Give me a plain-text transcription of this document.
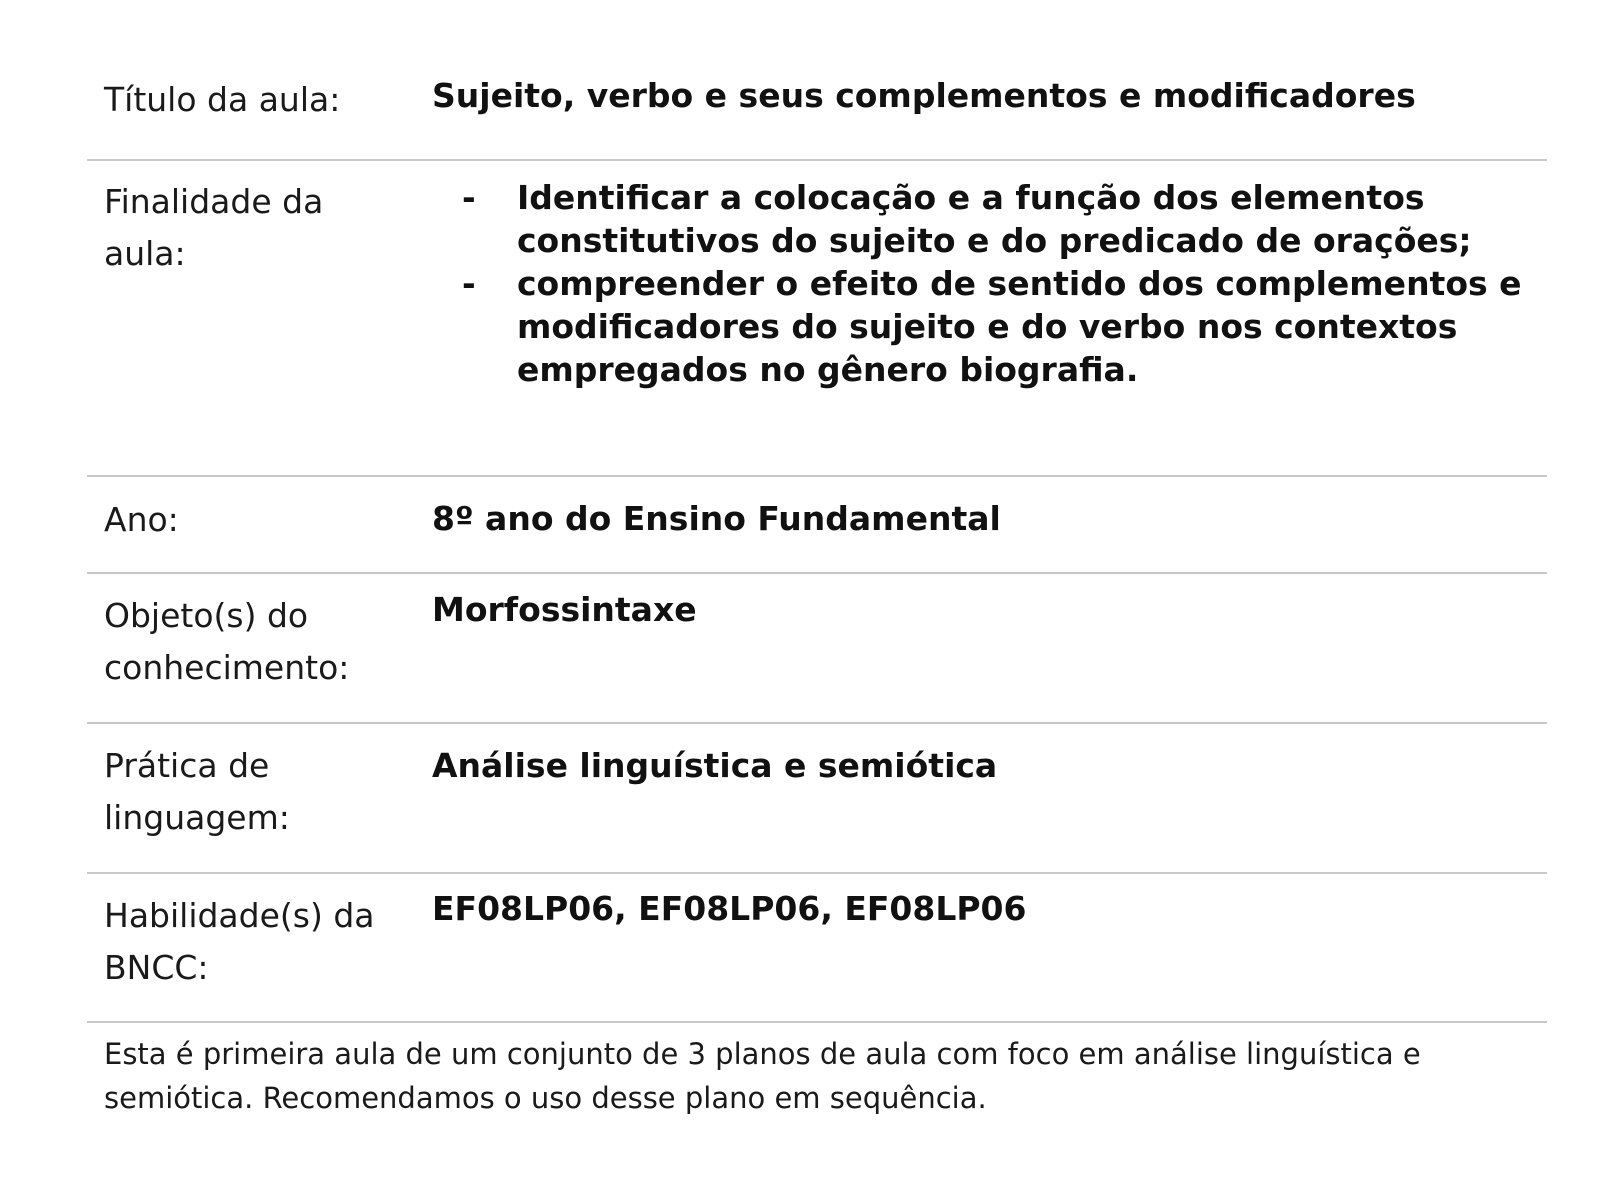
Título da aula:	Sujeito, verbo e seus complementos e modificadores
Finalidade da aula:
- Identificar a colocação e a função dos elementos constitutivos do sujeito e do predicado de orações;
- compreender o efeito de sentido dos complementos e modificadores do sujeito e do verbo nos contextos empregados no gênero biografia.
Ano:	8º ano do Ensino Fundamental
Objeto(s) do conhecimento:
Morfossintaxe
Prática de linguagem:
Análise linguística e semiótica
Habilidade(s) da BNCC:
EF08LP06, EF08LP06, EF08LP06
Esta é primeira aula de um conjunto de 3 planos de aula com foco em análise linguística e semiótica. Recomendamos o uso desse plano em sequência.
